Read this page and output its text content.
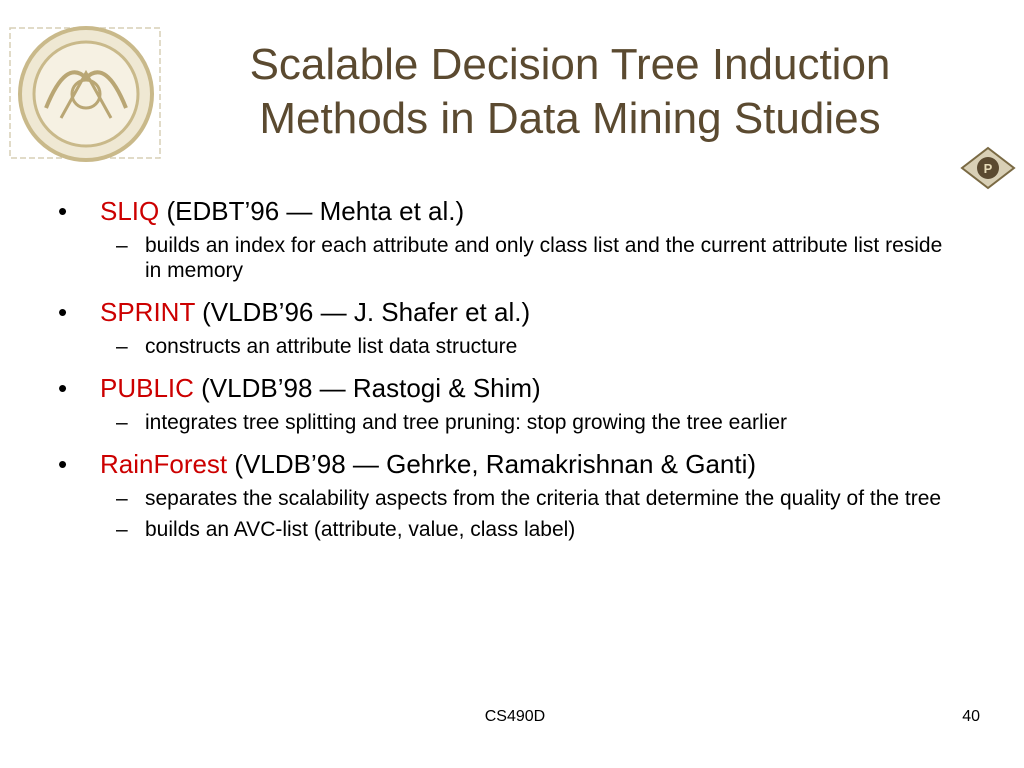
P
Scalable Decision Tree Induction
Methods in Data Mining Studies
•	SLIQ (EDBT’96 — Mehta et al.)
– builds an index for each attribute and only class list and the current attribute list reside in memory
•	SPRINT (VLDB’96 — J. Shafer et al.)
– constructs an attribute list data structure
•	PUBLIC (VLDB’98 — Rastogi & Shim)
– integrates tree splitting and tree pruning: stop growing the tree earlier
•	RainForest (VLDB’98 — Gehrke, Ramakrishnan & Ganti)
– separates the scalability aspects from the criteria that determine the quality of the tree
– builds an AVC-list (attribute, value, class label)
CS490D	40
